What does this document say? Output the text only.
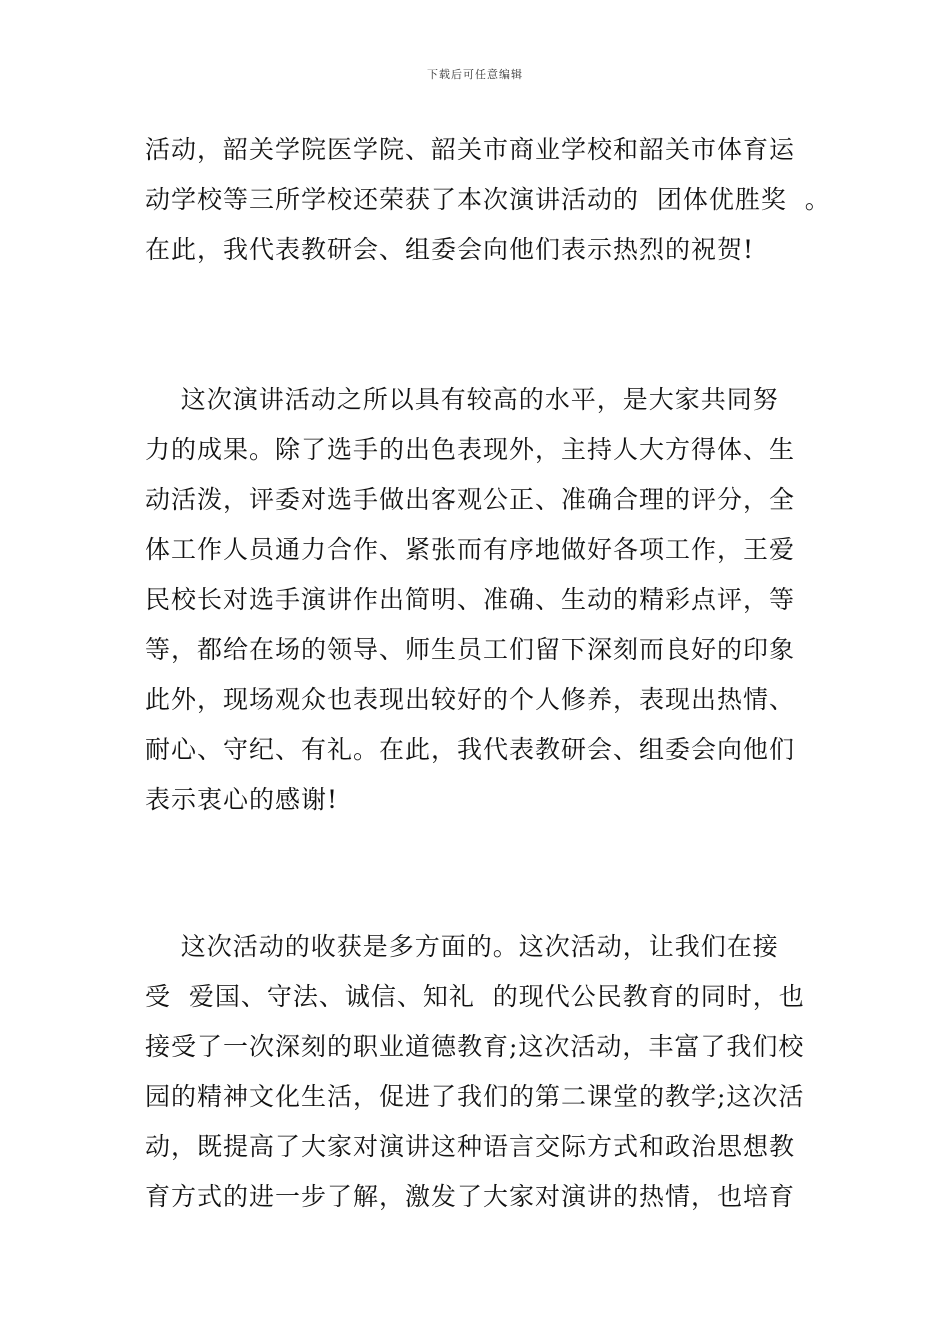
下载后可任意编辑
活动，韶关学院医学院、韶关市商业学校和韶关市体育运
动学校等三所学校还荣获了本次演讲活动的  团体优胜奖  。
在此，我代表教研会、组委会向他们表示热烈的祝贺!
这次演讲活动之所以具有较高的水平，是大家共同努
力的成果。除了选手的出色表现外，主持人大方得体、生
动活泼，评委对选手做出客观公正、准确合理的评分，全
体工作人员通力合作、紧张而有序地做好各项工作，王爱
民校长对选手演讲作出简明、准确、生动的精彩点评，等
等，都给在场的领导、师生员工们留下深刻而良好的印象
此外，现场观众也表现出较好的个人修养，表现出热情、
耐心、守纪、有礼。在此，我代表教研会、组委会向他们
表示衷心的感谢!
这次活动的收获是多方面的。这次活动，让我们在接
受  爱国、守法、诚信、知礼  的现代公民教育的同时，也
接受了一次深刻的职业道德教育;这次活动，丰富了我们校
园的精神文化生活，促进了我们的第二课堂的教学;这次活
动，既提高了大家对演讲这种语言交际方式和政治思想教
育方式的进一步了解，激发了大家对演讲的热情，也培育
